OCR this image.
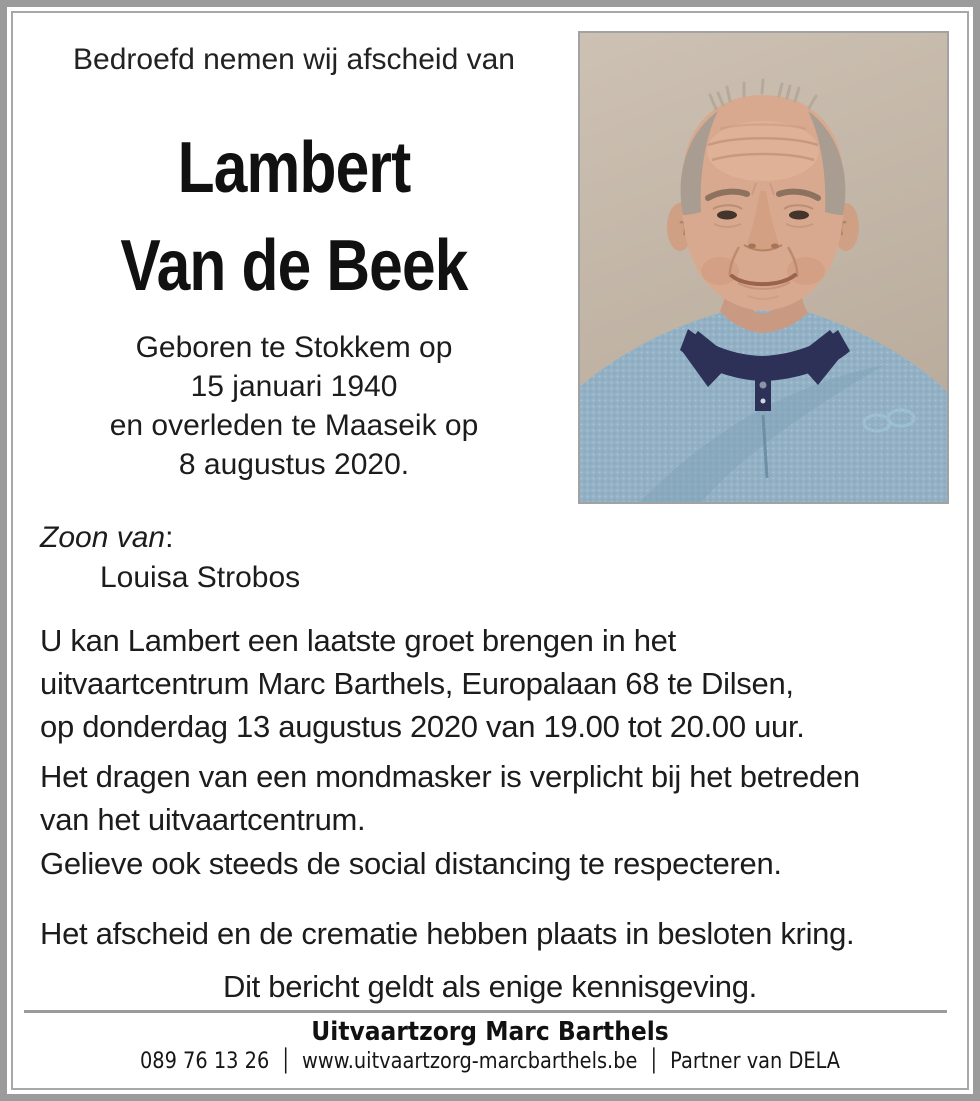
Bedroefd nemen wij afscheid van
Lambert
Van de Beek
Geboren te Stokkem op
15 januari 1940
en overleden te Maaseik op
8 augustus 2020.
Zoon van:
Louisa Strobos
U kan Lambert een laatste groet brengen in het
uitvaartcentrum Marc Barthels, Europalaan 68 te Dilsen,
op donderdag 13 augustus 2020 van 19.00 tot 20.00 uur.
Het dragen van een mondmasker is verplicht bij het betreden
van het uitvaartcentrum.
Gelieve ook steeds de social distancing te respecteren.
Het afscheid en de crematie hebben plaats in besloten kring.
Dit bericht geldt als enige kennisgeving.
Uitvaartzorg Marc Barthels
089 76 13 26 │ www.uitvaartzorg-marcbarthels.be │ Partner van DELA
